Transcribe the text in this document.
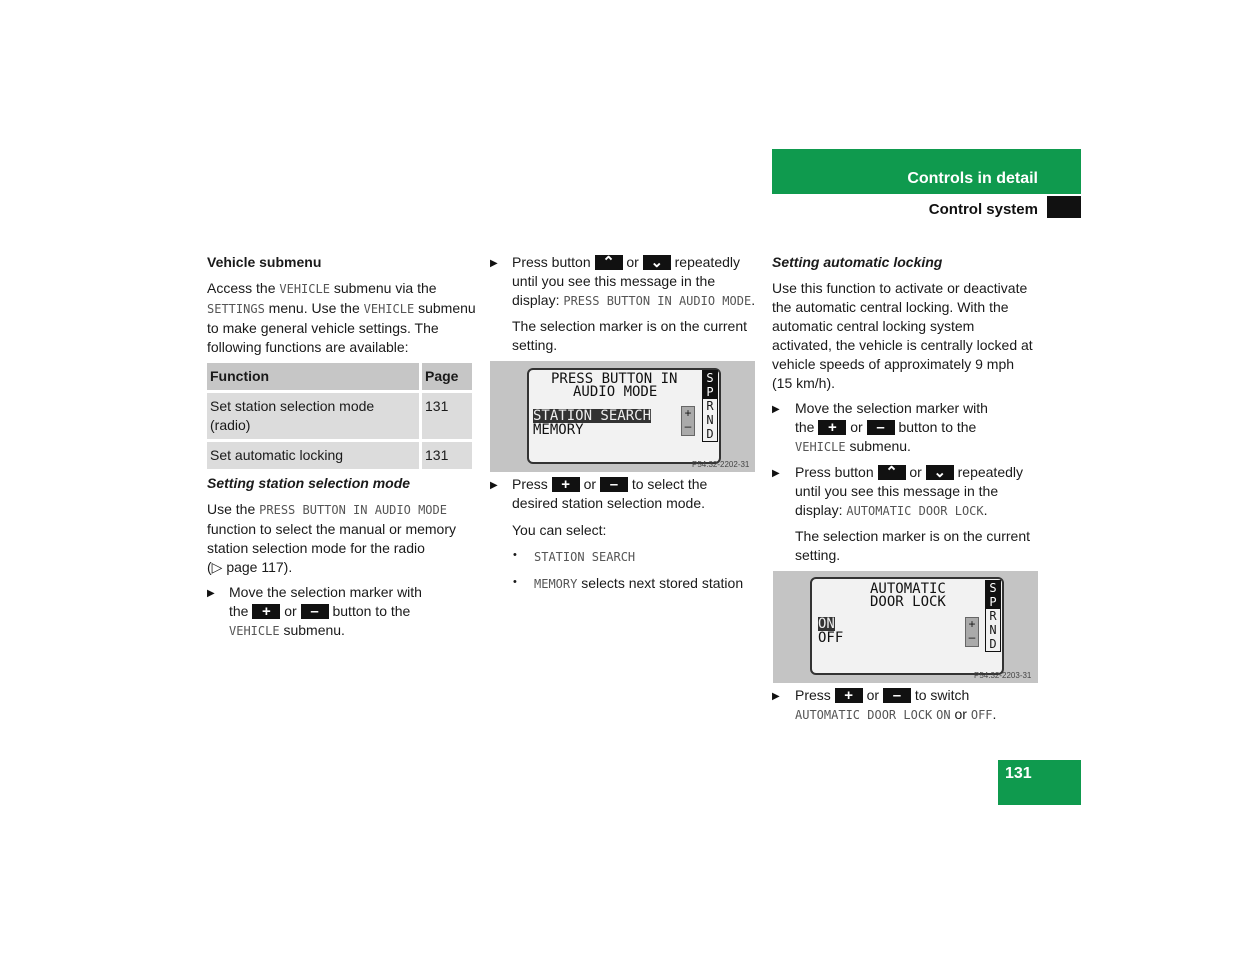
Controls in detail
Control system
Vehicle submenu

Access the VEHICLE submenu via the

SETTINGS menu. Use the VEHICLE submenu

to make general vehicle settings. The

following functions are available:

Function	Page
Set station selection mode
(radio)	131
Set automatic locking	131
Setting station selection mode

Use the PRESS BUTTON IN AUDIO MODE

function to select the manual or memory

station selection mode for the radio

(▷ page 117).

▶ Move the selection marker with

the + or – button to the

VEHICLE submenu.

▶ Press button ⌃ or ⌄ repeatedly

until you see this message in the

display: PRESS BUTTON IN AUDIO MODE.

The selection marker is on the current

setting.

PRESS BUTTON IN
AUDIO MODE
STATION SEARCH
MEMORY
+
–
S
P
R
N
D
P54.32-2202-31
▶ Press + or – to select the

desired station selection mode.

You can select:
• STATION SEARCH
• MEMORY selects next stored station
Setting automatic locking

Use this function to activate or deactivate

the automatic central locking. With the

automatic central locking system

activated, the vehicle is centrally locked at

vehicle speeds of approximately 9 mph

(15 km/h).

▶ Move the selection marker with

the + or – button to the

VEHICLE submenu.

▶ Press button ⌃ or ⌄ repeatedly

until you see this message in the

display: AUTOMATIC DOOR LOCK.

The selection marker is on the current

setting.

AUTOMATIC
DOOR LOCK
ON
OFF
+
–
S
P
R
N
D
P54.32-2203-31
▶ Press + or – to switch

AUTOMATIC DOOR LOCK ON or OFF.

131
